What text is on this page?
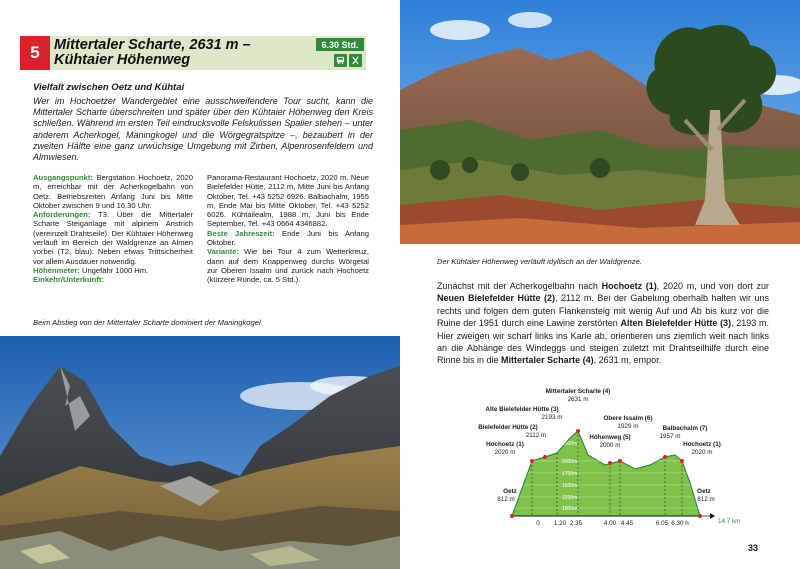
5 Mittertaler Scharte, 2631 m –
Kühtaier Höhenweg
6.30 Std.
Vielfalt zwischen Oetz und Kühtai
Wer im Hochoetzer Wandergebiet eine ausschweifendere Tour sucht, kann die Mittertaler Scharte überschreiten und später über den Kühtaier Höhenweg den Kreis schließen. Während im ersten Teil eindrucksvolle Felskulissen Spalier stehen – unter anderem Acherkogel, Maningkogel und die Wörgegratspitze –, bezaubert in der zweiten Hälfte eine ganz urwüchsige Umgebung mit Zirben, Alpenrosenfeldern und Almwiesen.
Ausgangspunkt: Bergstation Hochoetz, 2020 m, erreichbar mit der Acherkogelbahn von Oetz. Betriebszeiten Anfang Juni bis Mitte Oktober zwischen 9 und 16.30 Uhr.
Anforderungen: T3. Über die Mittertaler Scharte Steiganlage mit alpinem Anstrich (vereinzelt Drahtseile). Der Kühtaier Höhenweg verläuft im Bereich der Waldgrenze an Almen vorbei (T2, blau). Neben etwas Trittsicherheit vor allem Ausdauer notwendig.
Höhenmeter: Ungefähr 1000 Hm.
Einkehr/Unterkunft:
Panorama-Restaurant Hochoetz, 2020 m. Neue Bielefelder Hütte, 2112 m, Mitte Juni bis Anfang Oktober, Tel. +43 5252 6926. Balbachalm, 1955 m, Ende Mai bis Mitte Oktober, Tel. +43 5252 6026. Kühtailealm, 1988 m, Juni bis Ende September, Tel. +43 0664 4346882.
Beste Jahreszeit: Ende Juni bis Anfang Oktober.
Variante: Wie bei Tour 4 zum Wetterkreuz, dann auf dem Knappenweg durchs Wörgetal zur Oberen Issalm und zurück nach Hochoetz (kürzere Runde, ca. 5 Std.).
Beim Abstieg von der Mittertaler Scharte dominiert der Maningkogel.
Der Kühtaier Höhenweg verläuft idyllisch an der Waldgrenze.
Zunächst mit der Acherkogelbahn nach Hochoetz (1), 2020 m, und von dort zur Neuen Bielefelder Hütte (2), 2112 m. Bei der Gabelung oberhalb halten wir uns rechts und folgen dem guten Flankensteig mit wenig Auf und Ab bis kurz vor die Ruine der 1951 durch eine Lawine zerstörten Alten Bielefelder Hütte (3), 2193 m. Hier zweigen wir scharf links ins Karle ab, orientieren uns ziemlich weit nach links an die Abhänge des Windeggs und steigen zuletzt mit Drahtseilhilfe durch eine Rinne bis in die Mittertaler Scharte (4), 2631 m, empor.
2500m
2000m
1750m
1500m
1250m
1000m
Mittertaler Scharte (4)
2631 m
Alte Bielefelder Hütte (3)
2193 m
Bielefelder Hütte (2)
2112 m
Hochoetz (1)
2020 m
Obere Issalm (6)
1929 m
Höhenweg (5)
2000 m
Balbachalm (7)
1957 m
Hochoetz (1)
2020 m
Oetz
812 m
Oetz
812 m
0 1.20 2.35	4.00 4.45	6.05 6.30 h	14.7 km
33
